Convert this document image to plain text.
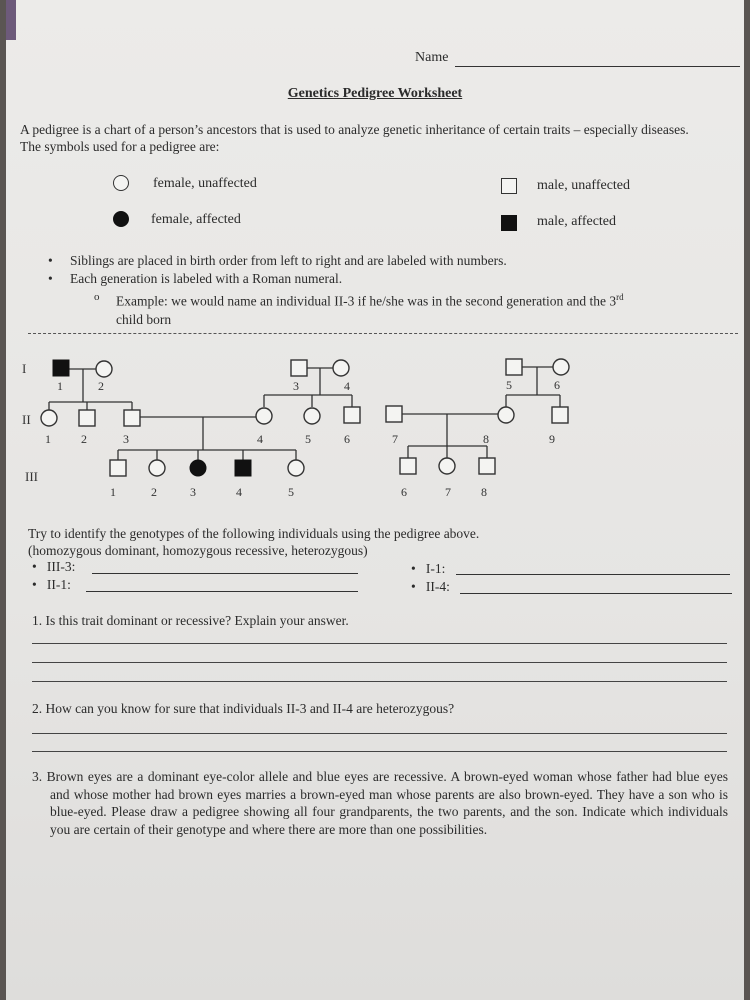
Name
Genetics Pedigree Worksheet
A pedigree is a chart of a person’s ancestors that is used to analyze genetic inheritance of certain traits – especially diseases. The symbols used for a pedigree are:
female, unaffected
female, affected
male, unaffected
male, affected
• Siblings are placed in birth order from left to right and are labeled with numbers.
• Each generation is labeled with a Roman numeral.
o Example: we would name an individual II-3 if he/she was in the second generation and the 3rd
child born
I
II
III
1	2	3	4	5	6
1	2	3	4	5	6	7	8	9
1	2	3	4	5	6	7	8
Try to identify the genotypes of the following individuals using the pedigree above.
(homozygous dominant, homozygous recessive, heterozygous)
•   III-3:
•   II-1:
•   I-1:
•   II-4:
1. Is this trait dominant or recessive? Explain your answer.
2. How can you know for sure that individuals II-3 and II-4 are heterozygous?
3. Brown eyes are a dominant eye-color allele and blue eyes are recessive. A brown-eyed woman whose father had blue eyes and whose mother had brown eyes marries a brown-eyed man whose parents are also brown-eyed. They have a son who is blue-eyed. Please draw a pedigree showing all four grandparents, the two parents, and the son. Indicate which individuals you are certain of their genotype and where there are more than one possibilities.
